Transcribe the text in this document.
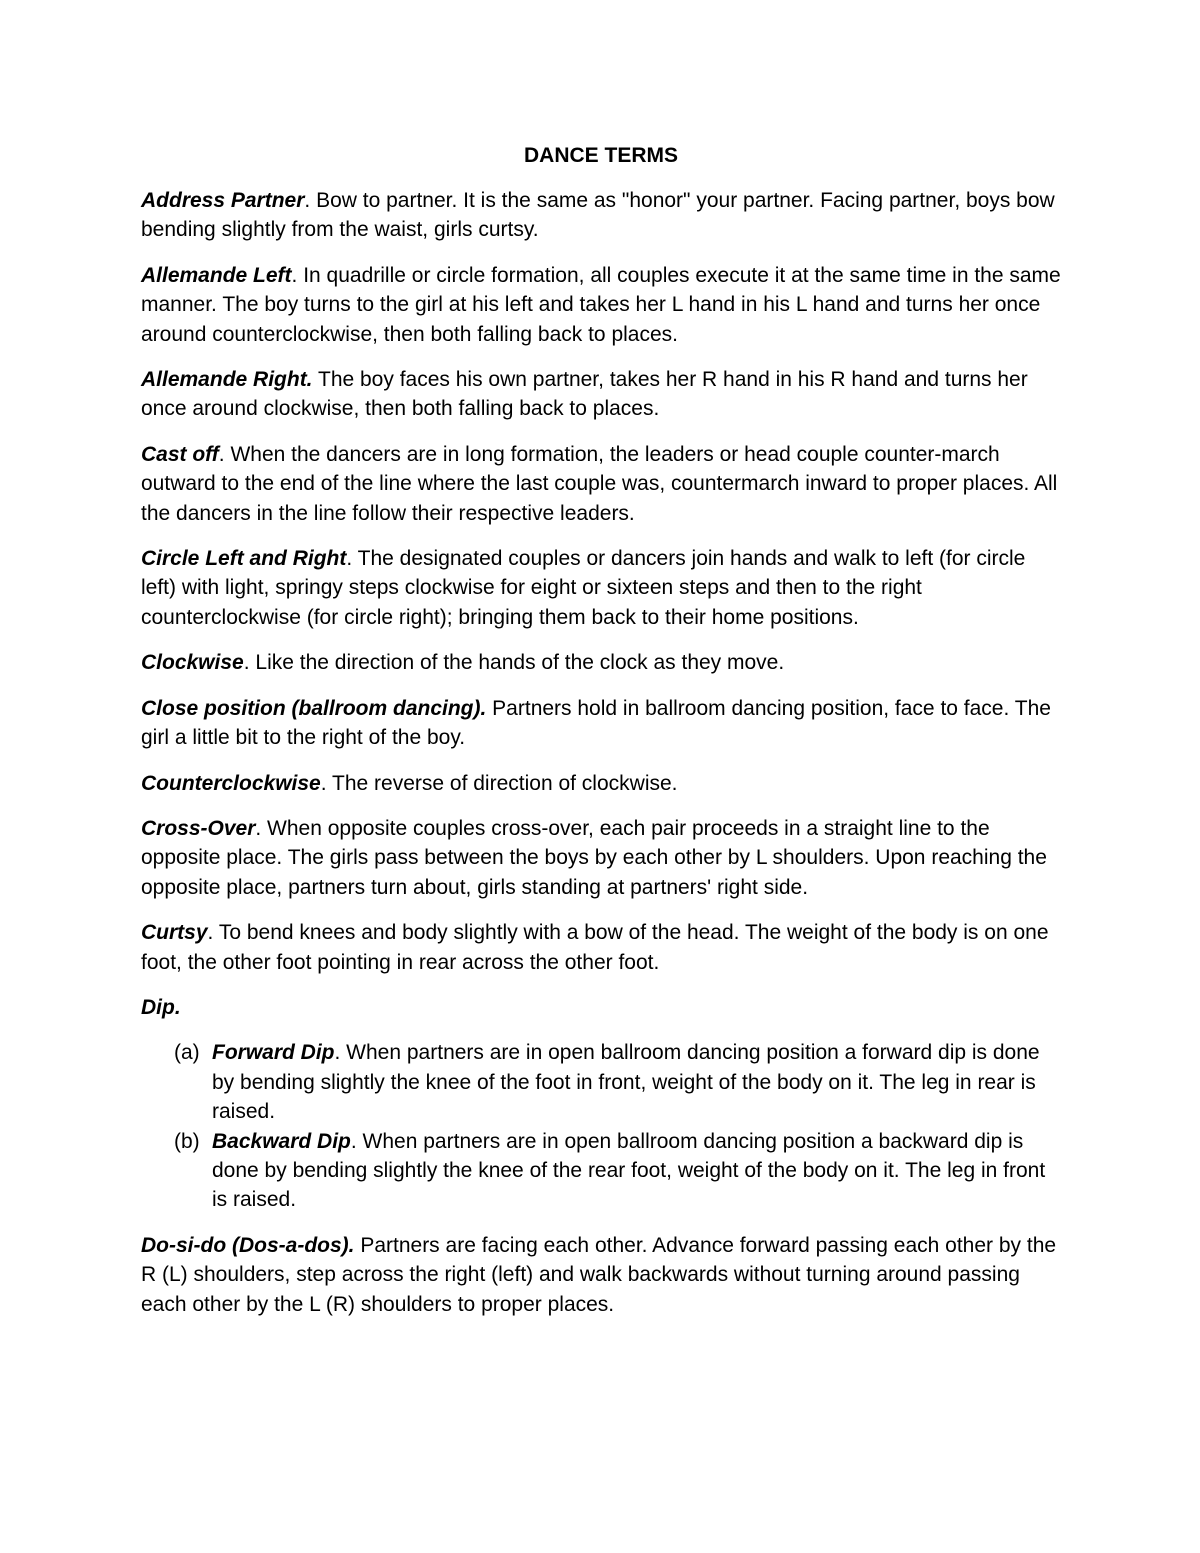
DANCE TERMS

Address Partner. Bow to partner. It is the same as "honor" your partner. Facing partner, boys bow bending slightly from the waist, girls curtsy.

Allemande Left. In quadrille or circle formation, all couples execute it at the same time in the same manner. The boy turns to the girl at his left and takes her L hand in his L hand and turns her once around counterclockwise, then both falling back to places.

Allemande Right. The boy faces his own partner, takes her R hand in his R hand and turns her once around clockwise, then both falling back to places.

Cast off. When the dancers are in long formation, the leaders or head couple counter-march outward to the end of the line where the last couple was, countermarch inward to proper places. All the dancers in the line follow their respective leaders.

Circle Left and Right. The designated couples or dancers join hands and walk to left (for circle left) with light, springy steps clockwise for eight or sixteen steps and then to the right counterclockwise (for circle right); bringing them back to their home positions.

Clockwise. Like the direction of the hands of the clock as they move.

Close position (ballroom dancing). Partners hold in ballroom dancing position, face to face. The girl a little bit to the right of the boy.

Counterclockwise. The reverse of direction of clockwise.

Cross-Over. When opposite couples cross-over, each pair proceeds in a straight line to the opposite place. The girls pass between the boys by each other by L shoulders. Upon reaching the opposite place, partners turn about, girls standing at partners' right side.

Curtsy. To bend knees and body slightly with a bow of the head. The weight of the body is on one foot, the other foot pointing in rear across the other foot.

Dip.

(a) Forward Dip. When partners are in open ballroom dancing position a forward dip is done by bending slightly the knee of the foot in front, weight of the body on it. The leg in rear is raised.
(b) Backward Dip. When partners are in open ballroom dancing position a backward dip is done by bending slightly the knee of the rear foot, weight of the body on it. The leg in front is raised.

Do-si-do (Dos-a-dos). Partners are facing each other. Advance forward passing each other by the R (L) shoulders, step across the right (left) and walk backwards without turning around passing each other by the L (R) shoulders to proper places.
